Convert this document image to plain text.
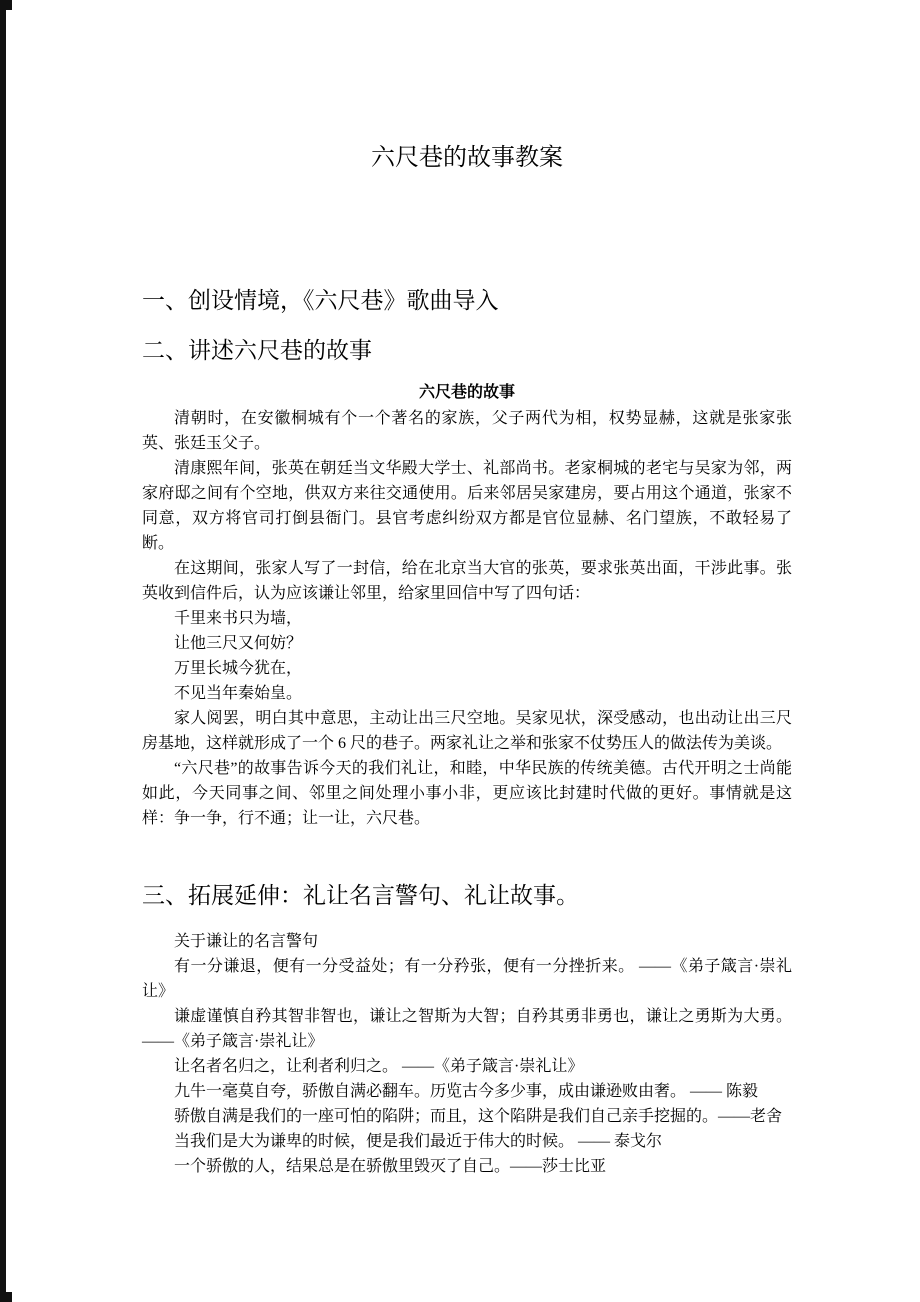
六尺巷的故事教案
一、创设情境，《六尺巷》歌曲导入
二、讲述六尺巷的故事
六尺巷的故事

清朝时，在安徽桐城有个一个著名的家族，父子两代为相，权势显赫，这就是张家张英、张廷玉父子。

清康熙年间，张英在朝廷当文华殿大学士、礼部尚书。老家桐城的老宅与吴家为邻，两家府邸之间有个空地，供双方来往交通使用。后来邻居吴家建房，要占用这个通道，张家不同意，双方将官司打倒县衙门。县官考虑纠纷双方都是官位显赫、名门望族，不敢轻易了断。

在这期间，张家人写了一封信，给在北京当大官的张英，要求张英出面，干涉此事。张英收到信件后，认为应该谦让邻里，给家里回信中写了四句话：

千里来书只为墙，

让他三尺又何妨？

万里长城今犹在，

不见当年秦始皇。

家人阅罢，明白其中意思，主动让出三尺空地。吴家见状，深受感动，也出动让出三尺房基地，这样就形成了一个 6 尺的巷子。两家礼让之举和张家不仗势压人的做法传为美谈。

“六尺巷”的故事告诉今天的我们礼让，和睦，中华民族的传统美德。古代开明之士尚能如此，今天同事之间、邻里之间处理小事小非，更应该比封建时代做的更好。事情就是这样：争一争，行不通；让一让，六尺巷。

三、拓展延伸：礼让名言警句、礼让故事。

关于谦让的名言警句

有一分谦退，便有一分受益处；有一分矜张，便有一分挫折来。 ——《弟子箴言·崇礼让》

谦虚谨慎自矜其智非智也，谦让之智斯为大智；自矜其勇非勇也，谦让之勇斯为大勇。——《弟子箴言·崇礼让》

让名者名归之，让利者利归之。 ——《弟子箴言·崇礼让》

九牛一毫莫自夸，骄傲自满必翻车。历览古今多少事，成由谦逊败由奢。 —— 陈毅

骄傲自满是我们的一座可怕的陷阱；而且，这个陷阱是我们自己亲手挖掘的。——老舍

当我们是大为谦卑的时候，便是我们最近于伟大的时候。 —— 泰戈尔

一个骄傲的人，结果总是在骄傲里毁灭了自己。——莎士比亚
